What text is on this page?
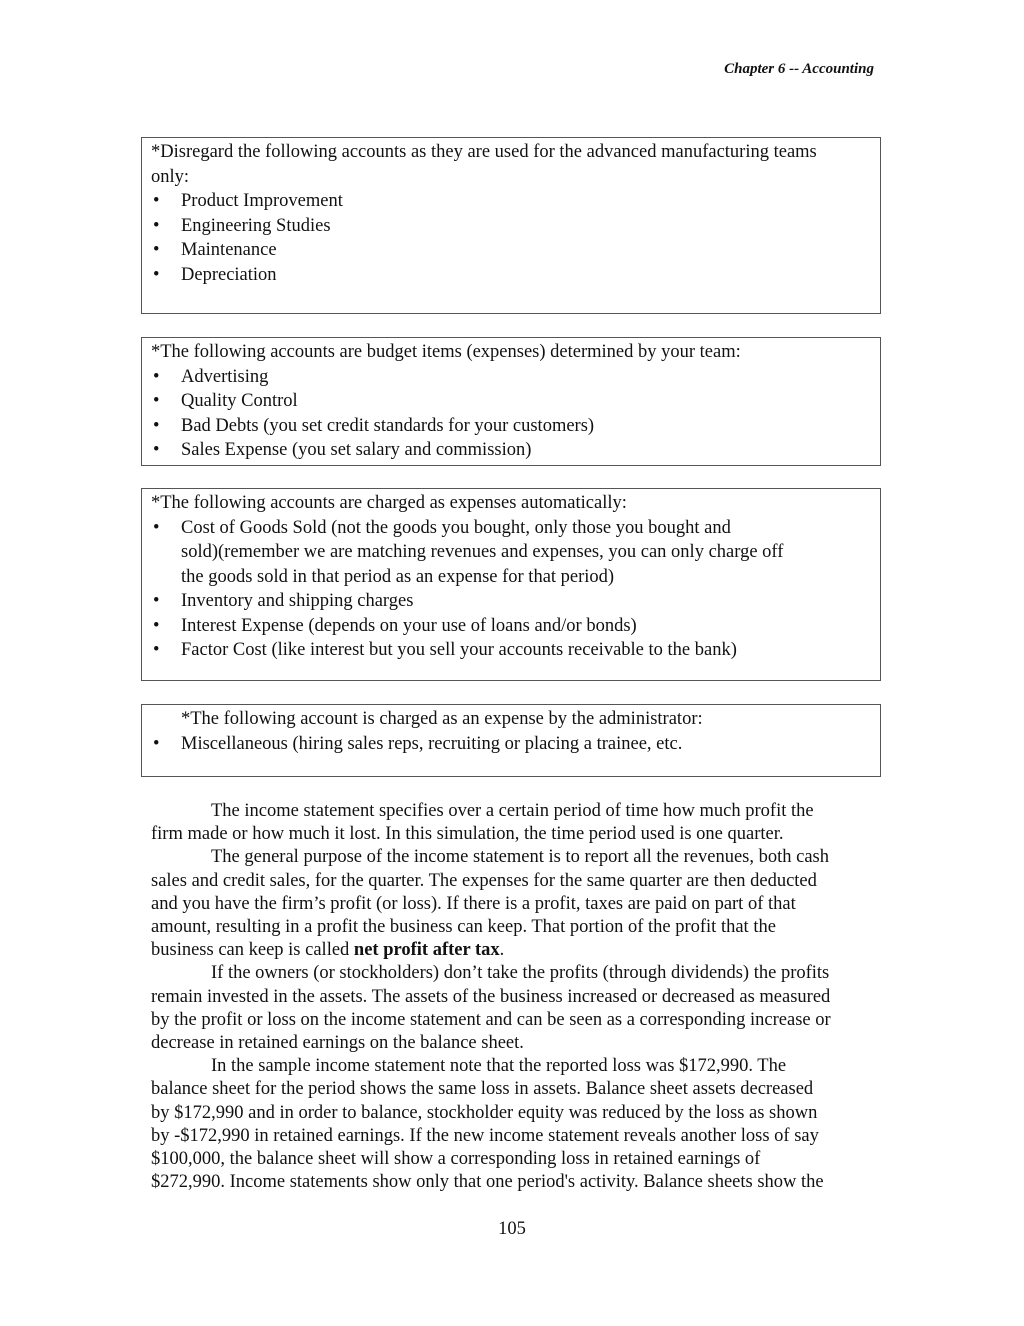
Chapter 6 -- Accounting

*Disregard the following accounts as they are used for the advanced manufacturing teams

only:

• Product Improvement
• Engineering Studies
• Maintenance
• Depreciation

*The following accounts are budget items (expenses) determined by your team:

• Advertising
• Quality Control
• Bad Debts (you set credit standards for your customers)
• Sales Expense (you set salary and commission)

*The following accounts are charged as expenses automatically:

• Cost of Goods Sold (not the goods you bought, only those you bought and
sold)(remember we are matching revenues and expenses, you can only charge off
the goods sold in that period as an expense for that period)
• Inventory and shipping charges
• Interest Expense (depends on your use of loans and/or bonds)
• Factor Cost (like interest but you sell your accounts receivable to the bank)

*The following account is charged as an expense by the administrator:

• Miscellaneous (hiring sales reps, recruiting or placing a trainee, etc.

The income statement specifies over a certain period of time how much profit the
firm made or how much it lost. In this simulation, the time period used is one quarter.

The general purpose of the income statement is to report all the revenues, both cash
sales and credit sales, for the quarter. The expenses for the same quarter are then deducted
and you have the firm’s profit (or loss). If there is a profit, taxes are paid on part of that
amount, resulting in a profit the business can keep. That portion of the profit that the
business can keep is called net profit after tax.

If the owners (or stockholders) don’t take the profits (through dividends) the profits
remain invested in the assets. The assets of the business increased or decreased as measured
by the profit or loss on the income statement and can be seen as a corresponding increase or
decrease in retained earnings on the balance sheet.

In the sample income statement note that the reported loss was $172,990. The
balance sheet for the period shows the same loss in assets. Balance sheet assets decreased
by $172,990 and in order to balance, stockholder equity was reduced by the loss as shown
by -$172,990 in retained earnings. If the new income statement reveals another loss of say
$100,000, the balance sheet will show a corresponding loss in retained earnings of
$272,990. Income statements show only that one period's activity. Balance sheets show the

105
